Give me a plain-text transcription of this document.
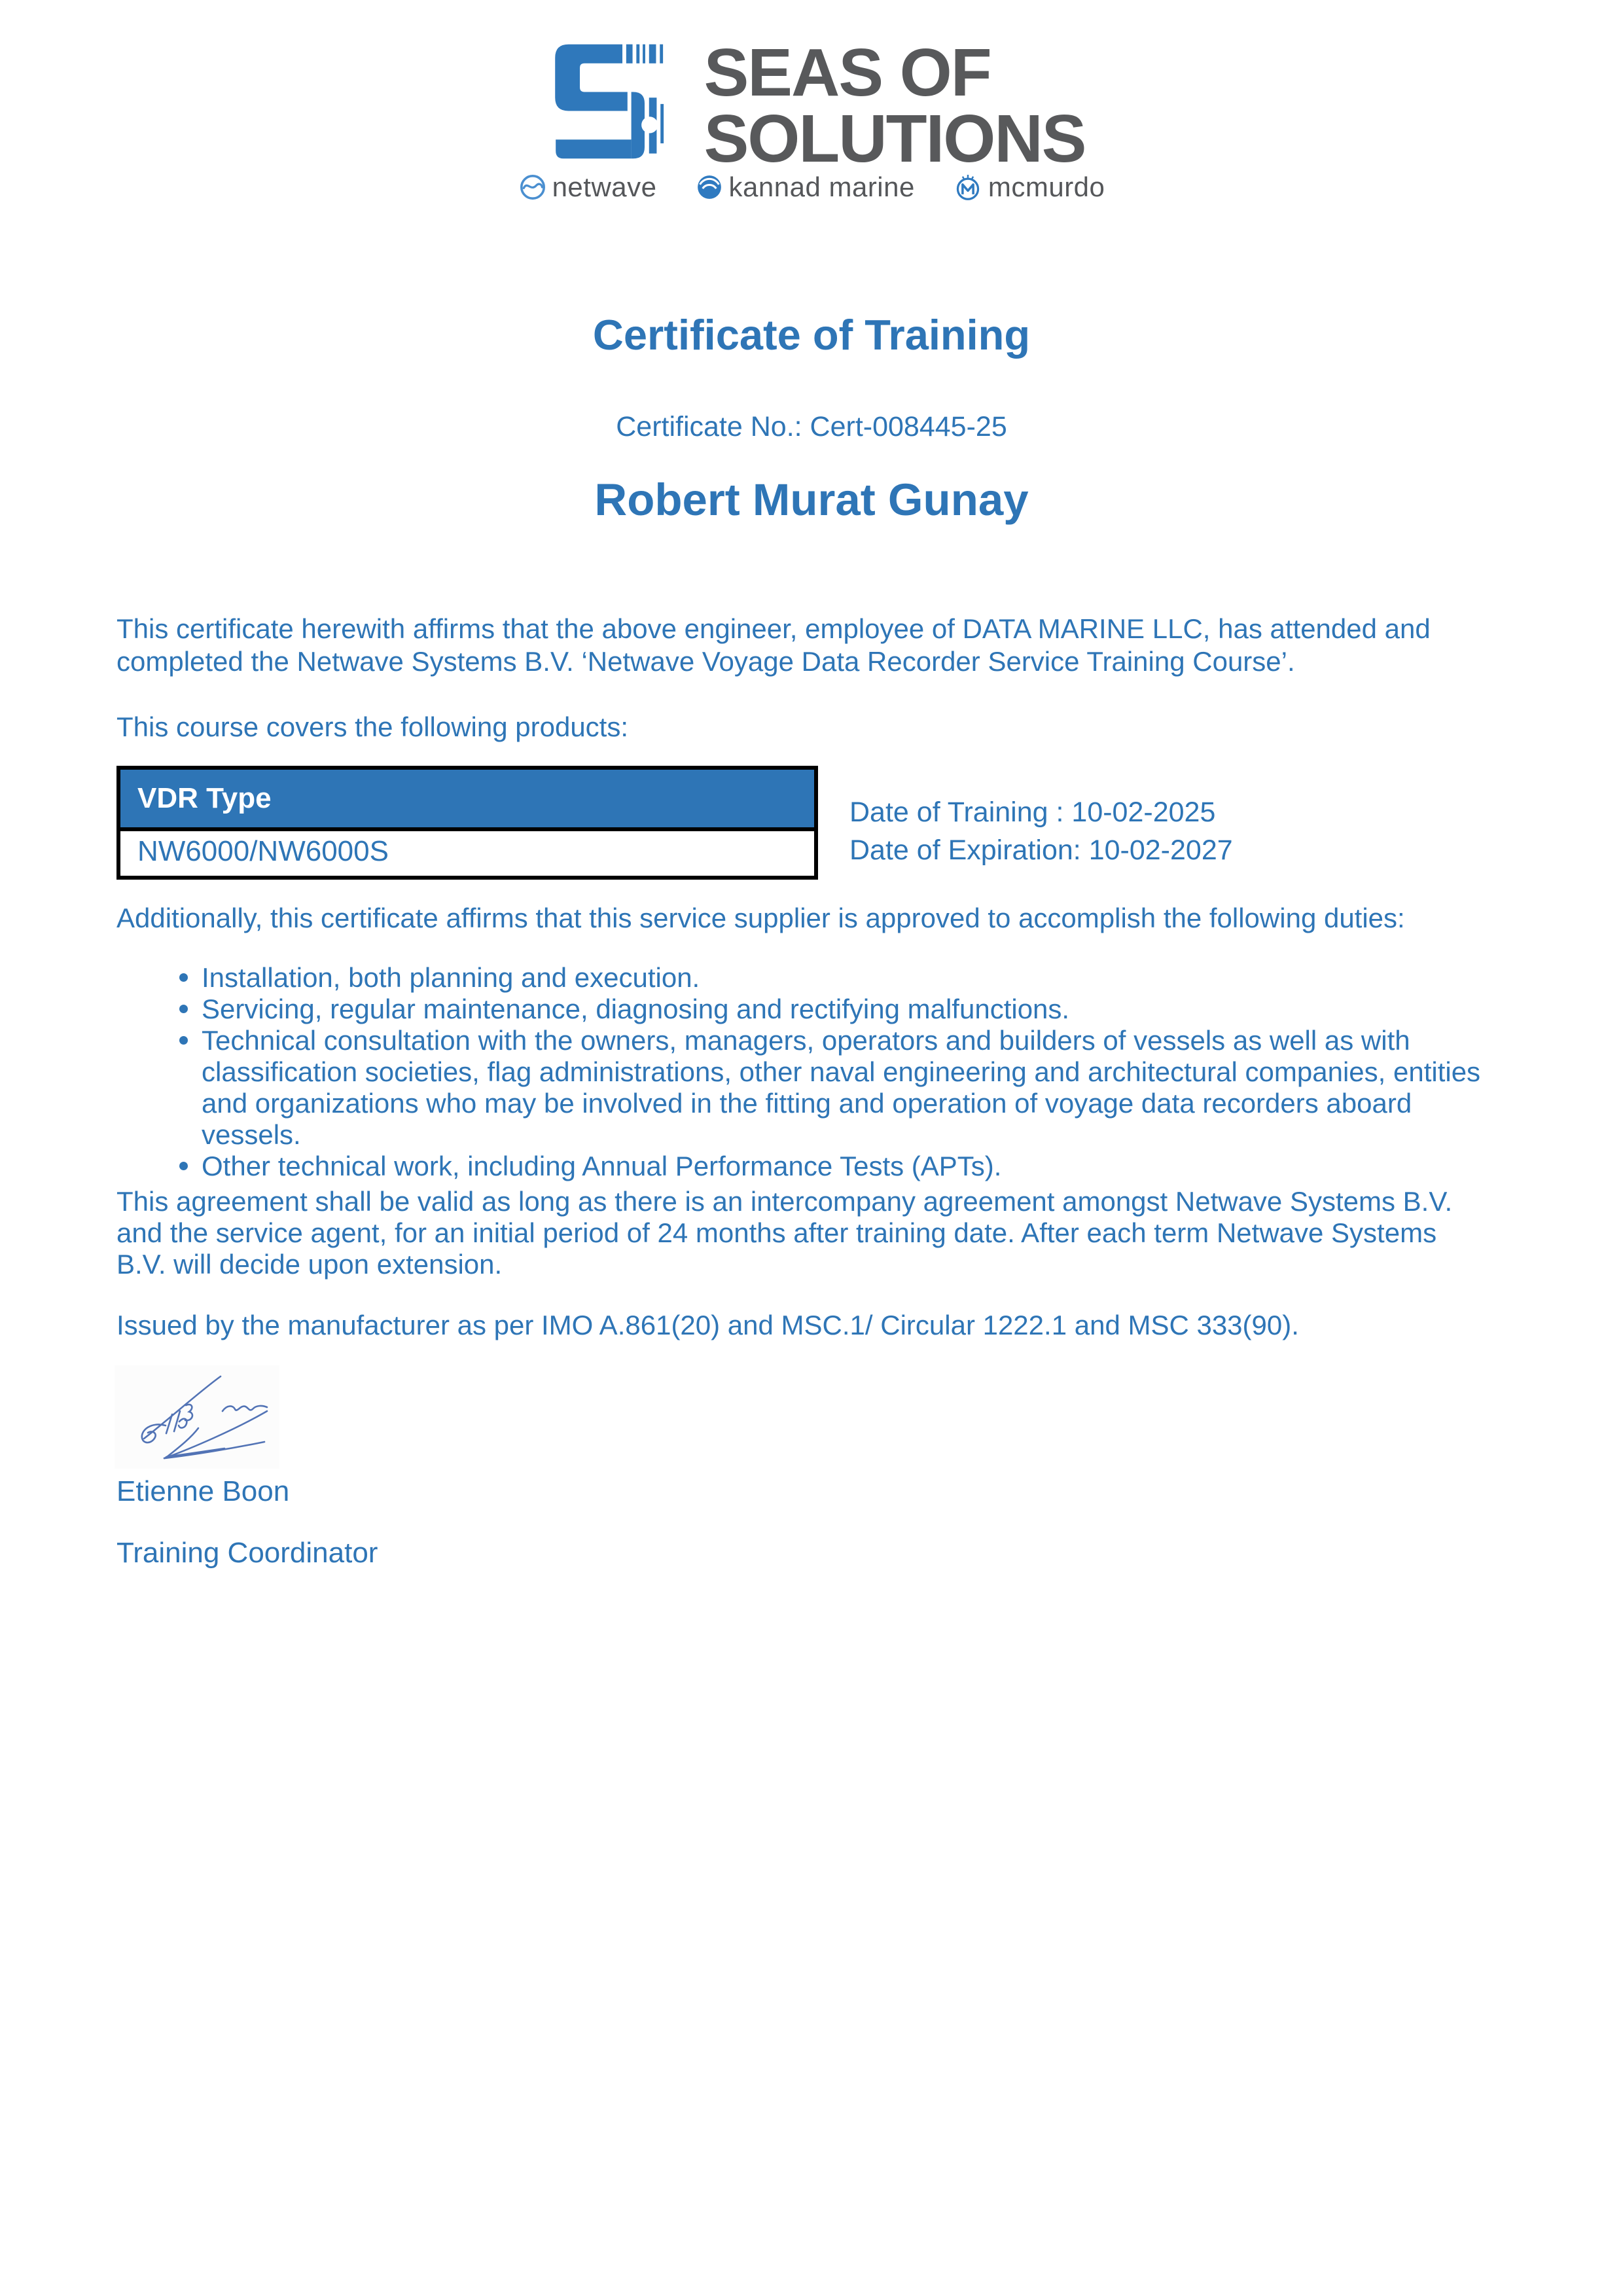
SEAS OF
SOLUTIONS
netwave	kannad marine	mcmurdo
Certificate of Training
Certificate No.: Cert-008445-25
Robert Murat Gunay

This certificate herewith affirms that the above engineer, employee of DATA MARINE LLC, has attended and completed the Netwave Systems B.V. ‘Netwave Voyage Data Recorder Service Training Course’.

This course covers the following products:

VDR Type
NW6000/NW6000S
Date of Training : 10-02-2025
Date of Expiration: 10-02-2027

Additionally, this certificate affirms that this service supplier is approved to accomplish the following duties:

Installation, both planning and execution.
Servicing, regular maintenance, diagnosing and rectifying malfunctions.
Technical consultation with the owners, managers, operators and builders of vessels as well as with classification societies, flag administrations, other naval engineering and architectural companies, entities and organizations who may be involved in the fitting and operation of voyage data recorders aboard vessels.
Other technical work, including Annual Performance Tests (APTs).

This agreement shall be valid as long as there is an intercompany agreement amongst Netwave Systems B.V. and the service agent, for an initial period of 24 months after training date. After each term Netwave Systems B.V. will decide upon extension.

Issued by the manufacturer as per IMO A.861(20) and MSC.1/ Circular 1222.1 and MSC 333(90).

Etienne Boon
Training Coordinator
